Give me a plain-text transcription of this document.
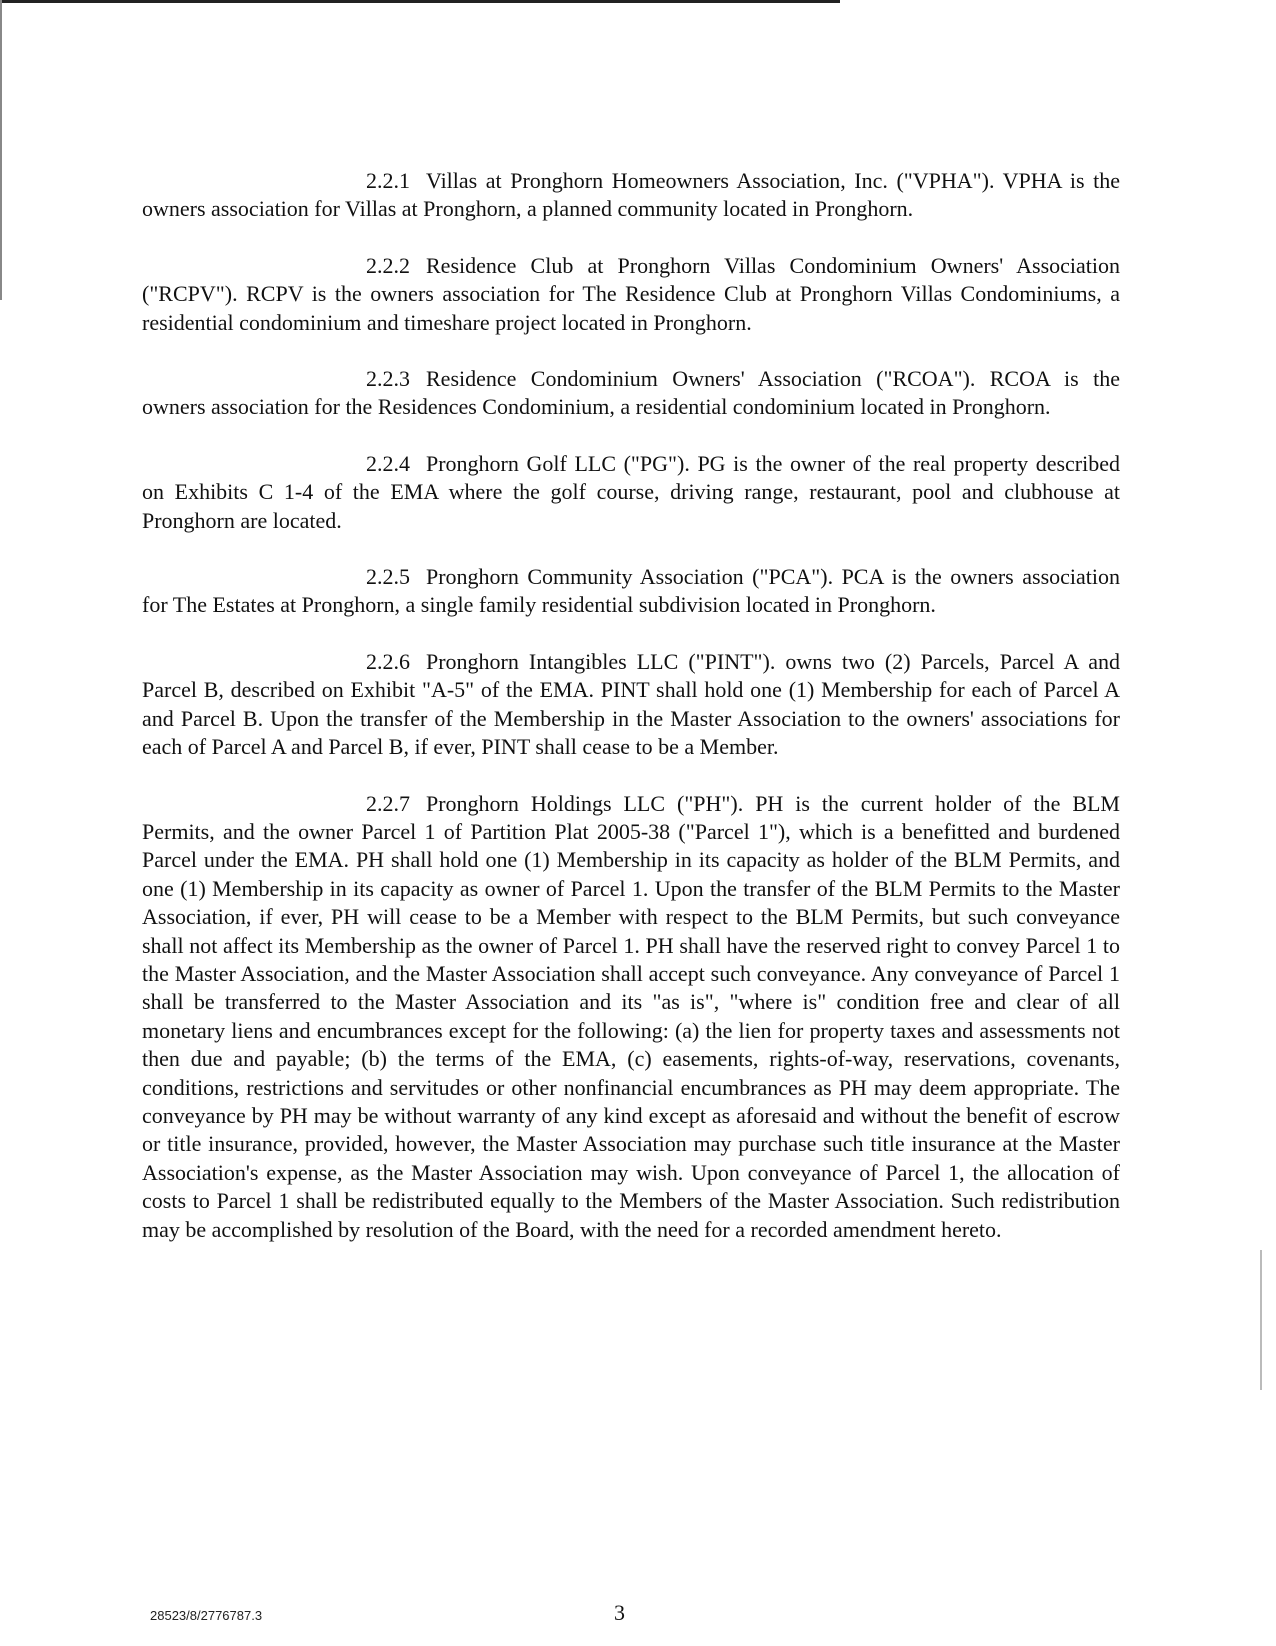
2.2.1 Villas at Pronghorn Homeowners Association, Inc. ("VPHA"). VPHA is the owners association for Villas at Pronghorn, a planned community located in Pronghorn.

2.2.2 Residence Club at Pronghorn Villas Condominium Owners' Association ("RCPV"). RCPV is the owners association for The Residence Club at Pronghorn Villas Condominiums, a residential condominium and timeshare project located in Pronghorn.

2.2.3 Residence Condominium Owners' Association ("RCOA"). RCOA is the owners association for the Residences Condominium, a residential condominium located in Pronghorn.

2.2.4 Pronghorn Golf LLC ("PG"). PG is the owner of the real property described on Exhibits C 1-4 of the EMA where the golf course, driving range, restaurant, pool and clubhouse at Pronghorn are located.

2.2.5 Pronghorn Community Association ("PCA"). PCA is the owners association for The Estates at Pronghorn, a single family residential subdivision located in Pronghorn.

2.2.6 Pronghorn Intangibles LLC ("PINT"). owns two (2) Parcels, Parcel A and Parcel B, described on Exhibit "A-5" of the EMA. PINT shall hold one (1) Membership for each of Parcel A and Parcel B. Upon the transfer of the Membership in the Master Association to the owners' associations for each of Parcel A and Parcel B, if ever, PINT shall cease to be a Member.

2.2.7 Pronghorn Holdings LLC ("PH"). PH is the current holder of the BLM Permits, and the owner Parcel 1 of Partition Plat 2005-38 ("Parcel 1"), which is a benefitted and burdened Parcel under the EMA. PH shall hold one (1) Membership in its capacity as holder of the BLM Permits, and one (1) Membership in its capacity as owner of Parcel 1. Upon the transfer of the BLM Permits to the Master Association, if ever, PH will cease to be a Member with respect to the BLM Permits, but such conveyance shall not affect its Membership as the owner of Parcel 1. PH shall have the reserved right to convey Parcel 1 to the Master Association, and the Master Association shall accept such conveyance. Any conveyance of Parcel 1 shall be transferred to the Master Association and its "as is", "where is" condition free and clear of all monetary liens and encumbrances except for the following: (a) the lien for property taxes and assessments not then due and payable; (b) the terms of the EMA, (c) easements, rights-of-way, reservations, covenants, conditions, restrictions and servitudes or other nonfinancial encumbrances as PH may deem appropriate. The conveyance by PH may be without warranty of any kind except as aforesaid and without the benefit of escrow or title insurance, provided, however, the Master Association may purchase such title insurance at the Master Association's expense, as the Master Association may wish. Upon conveyance of Parcel 1, the allocation of costs to Parcel 1 shall be redistributed equally to the Members of the Master Association. Such redistribution may be accomplished by resolution of the Board, with the need for a recorded amendment hereto.

28523/8/2776787.3	3
